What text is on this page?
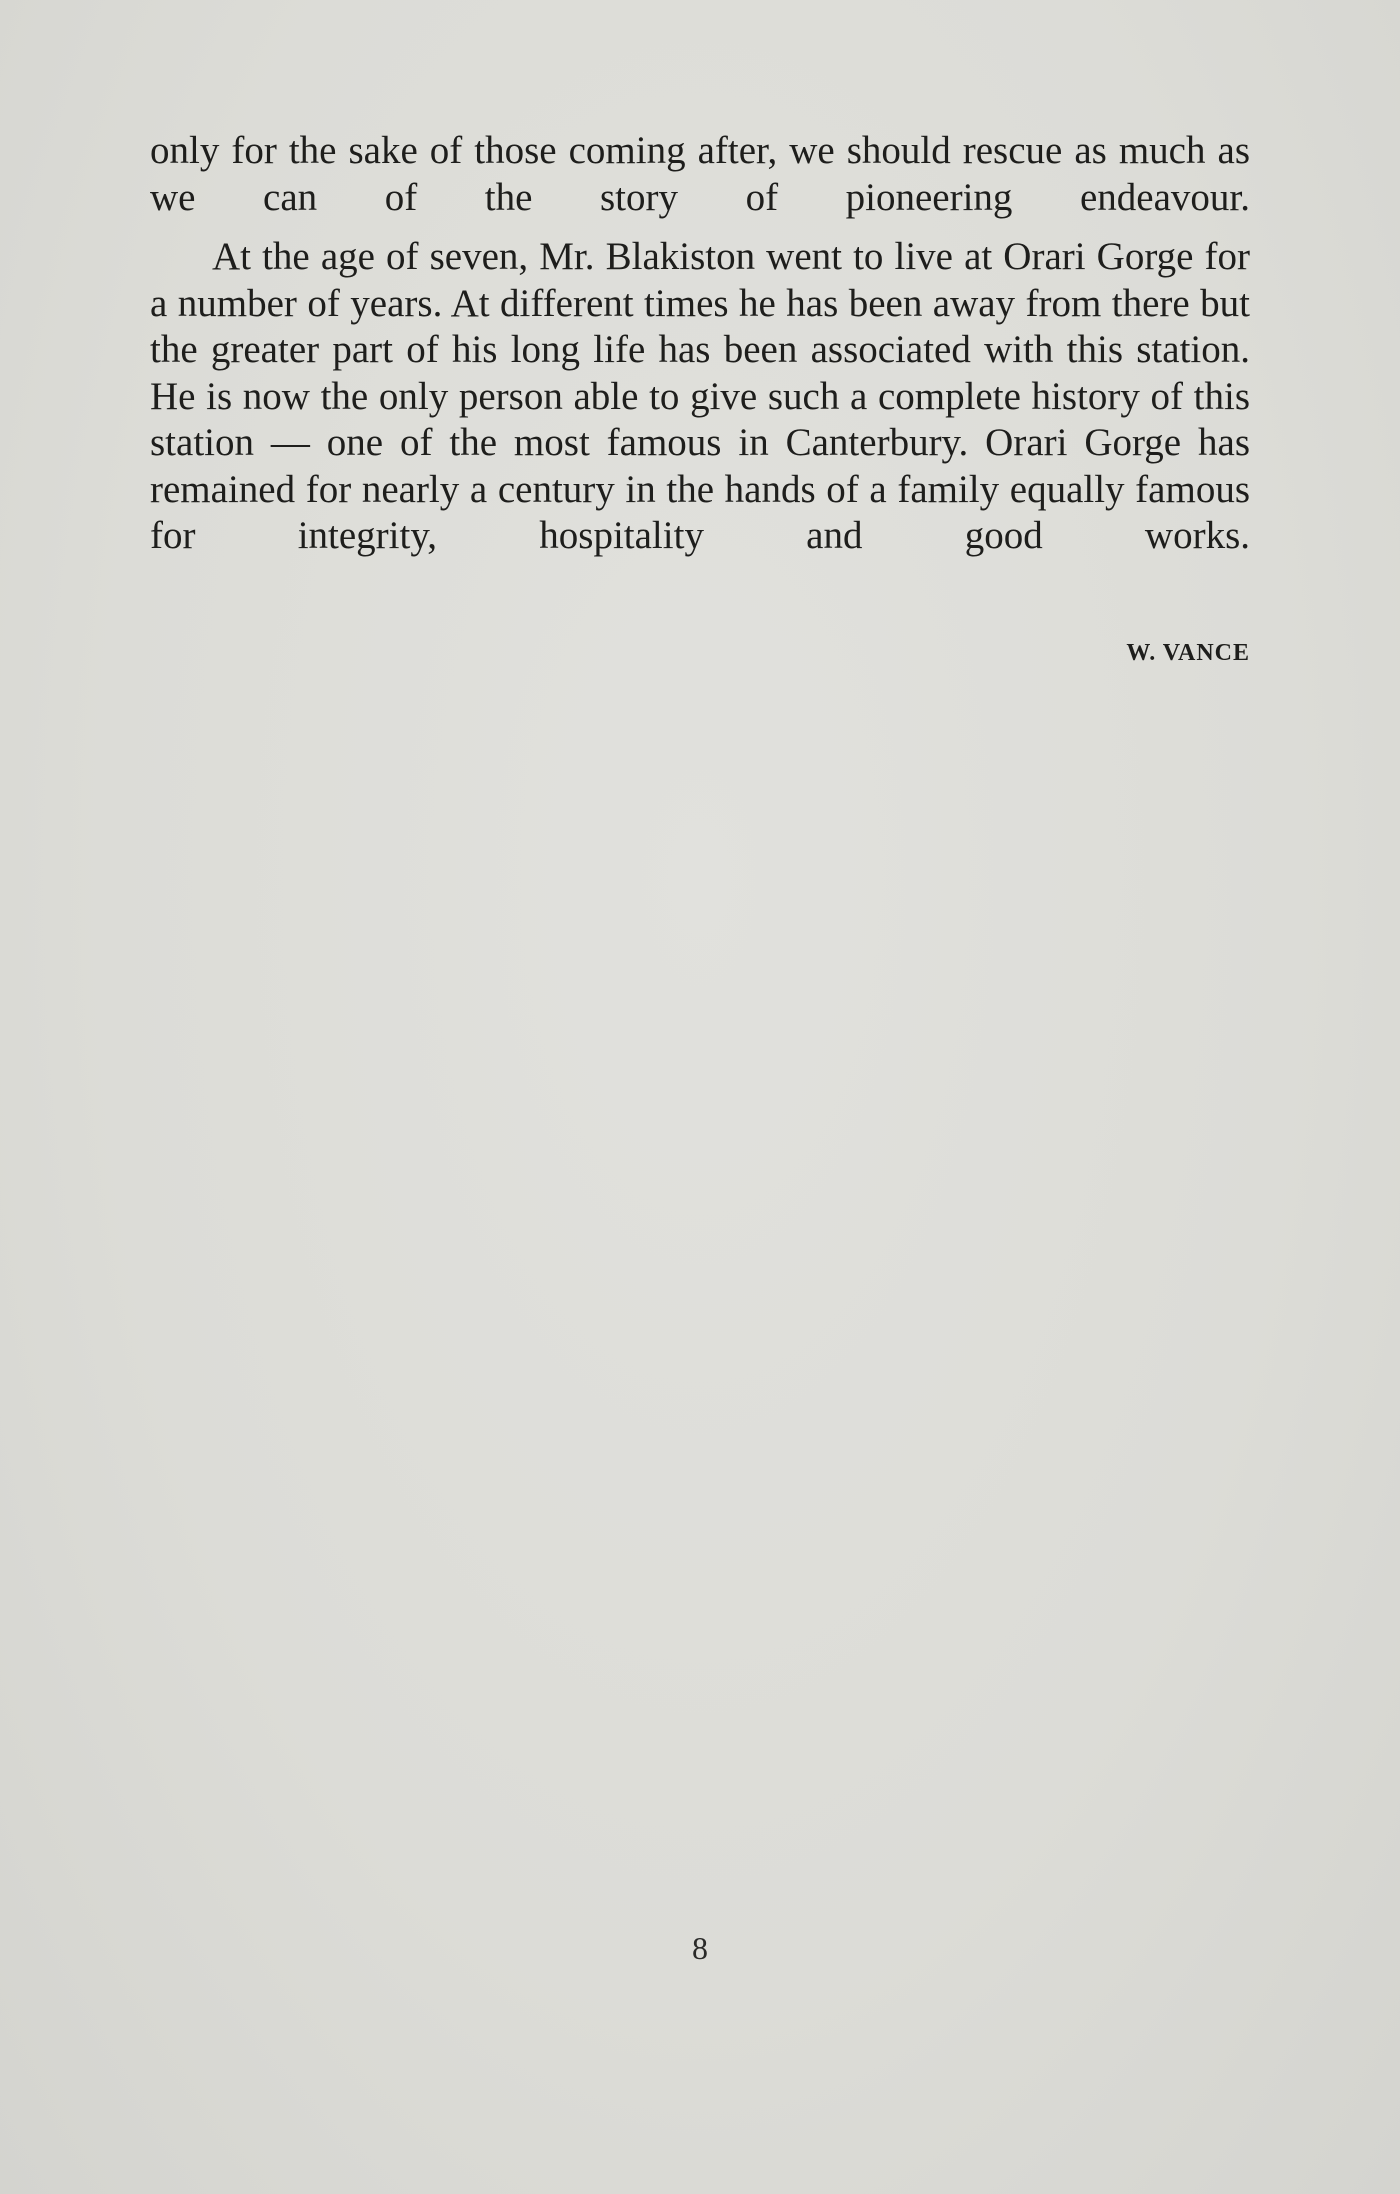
only for the sake of those coming after, we should rescue as much as we can of the story of pioneering endeavour.

At the age of seven, Mr. Blakiston went to live at Orari Gorge for a number of years. At different times he has been away from there but the greater part of his long life has been associated with this station. He is now the only person able to give such a complete history of this station — one of the most famous in Canterbury. Orari Gorge has remained for nearly a century in the hands of a family equally famous for integrity, hospitality and good works.

W. VANCE
8
